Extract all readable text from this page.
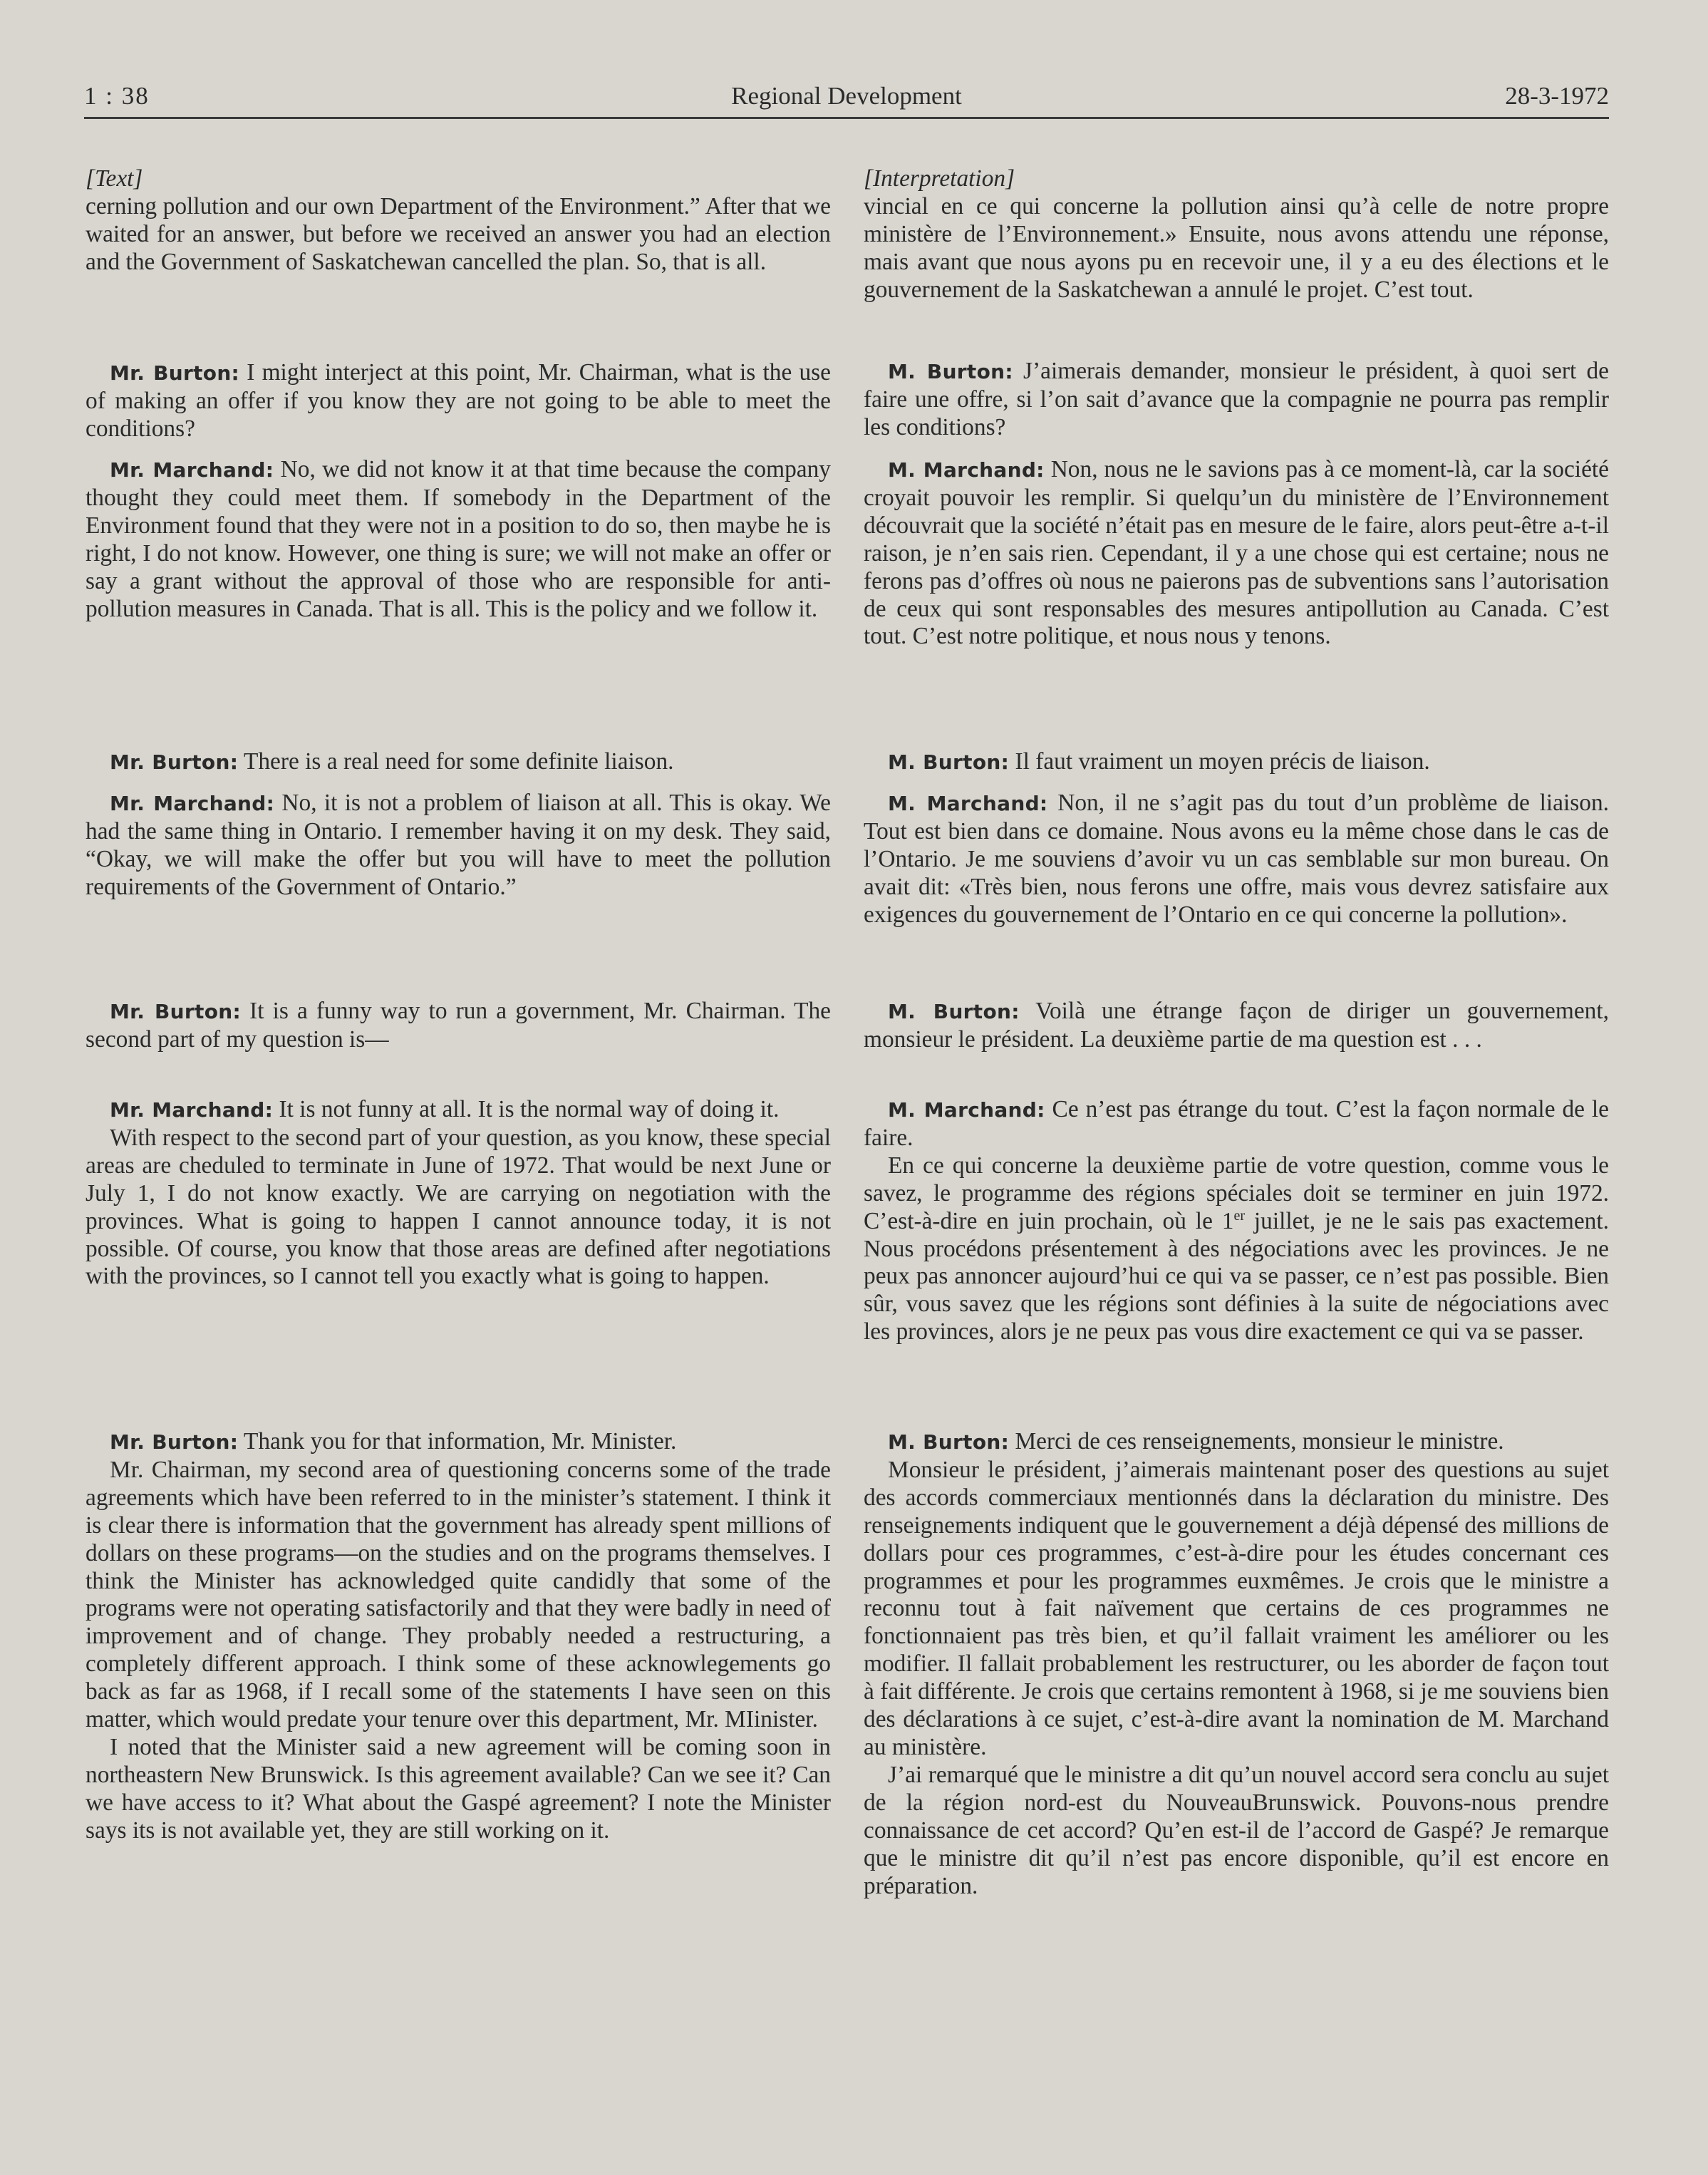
1 : 38	Regional Development	28-3-1972

[Text]

cerning pollution and our own Department of the Environment.” After that we waited for an answer, but before we received an answer you had an election and the Government of Saskatchewan cancelled the plan. So, that is all.

Mr. Burton: I might interject at this point, Mr. Chairman, what is the use of making an offer if you know they are not going to be able to meet the conditions?

Mr. Marchand: No, we did not know it at that time because the company thought they could meet them. If somebody in the Department of the Environment found that they were not in a position to do so, then maybe he is right, I do not know. However, one thing is sure; we will not make an offer or say a grant without the approval of those who are responsible for anti-pollution measures in Canada. That is all. This is the policy and we follow it.

Mr. Burton: There is a real need for some definite liaison.

Mr. Marchand: No, it is not a problem of liaison at all. This is okay. We had the same thing in Ontario. I remember having it on my desk. They said, “Okay, we will make the offer but you will have to meet the pollution requirements of the Government of Ontario.”

Mr. Burton: It is a funny way to run a government, Mr. Chairman. The second part of my question is—

Mr. Marchand: It is not funny at all. It is the normal way of doing it.

With respect to the second part of your question, as you know, these special areas are cheduled to terminate in June of 1972. That would be next June or July 1, I do not know exactly. We are carrying on negotiation with the provinces. What is going to happen I cannot announce today, it is not possible. Of course, you know that those areas are defined after negotiations with the provinces, so I cannot tell you exactly what is going to happen.

Mr. Burton: Thank you for that information, Mr. Minister.

Mr. Chairman, my second area of questioning concerns some of the trade agreements which have been referred to in the minister’s statement. I think it is clear there is information that the government has already spent millions of dollars on these programs—on the studies and on the programs themselves. I think the Minister has acknowledged quite candidly that some of the programs were not operating satisfactorily and that they were badly in need of improvement and of change. They probably needed a restructuring, a completely different approach. I think some of these acknowlegements go back as far as 1968, if I recall some of the statements I have seen on this matter, which would predate your tenure over this department, Mr. MIinister.

I noted that the Minister said a new agreement will be coming soon in northeastern New Brunswick. Is this agreement available? Can we see it? Can we have access to it? What about the Gaspé agreement? I note the Minister says its is not available yet, they are still working on it.

[Interpretation]

vincial en ce qui concerne la pollution ainsi qu’à celle de notre propre ministère de l’Environnement.» Ensuite, nous avons attendu une réponse, mais avant que nous ayons pu en recevoir une, il y a eu des élections et le gouvernement de la Saskatchewan a annulé le projet. C’est tout.

M. Burton: J’aimerais demander, monsieur le président, à quoi sert de faire une offre, si l’on sait d’avance que la compagnie ne pourra pas remplir les conditions?

M. Marchand: Non, nous ne le savions pas à ce moment-là, car la société croyait pouvoir les remplir. Si quelqu’un du ministère de l’Environnement découvrait que la société n’était pas en mesure de le faire, alors peut-être a-t-il raison, je n’en sais rien. Cependant, il y a une chose qui est certaine; nous ne ferons pas d’offres où nous ne paierons pas de subventions sans l’autorisation de ceux qui sont responsables des mesures antipollution au Canada. C’est tout. C’est notre politique, et nous nous y tenons.

M. Burton: Il faut vraiment un moyen précis de liaison.

M. Marchand: Non, il ne s’agit pas du tout d’un problème de liaison. Tout est bien dans ce domaine. Nous avons eu la même chose dans le cas de l’Ontario. Je me souviens d’avoir vu un cas semblable sur mon bureau. On avait dit: «Très bien, nous ferons une offre, mais vous devrez satisfaire aux exigences du gouvernement de l’Ontario en ce qui concerne la pollution».

M. Burton: Voilà une étrange façon de diriger un gouvernement, monsieur le président. La deuxième partie de ma question est . . .

M. Marchand: Ce n’est pas étrange du tout. C’est la façon normale de le faire.

En ce qui concerne la deuxième partie de votre question, comme vous le savez, le programme des régions spéciales doit se terminer en juin 1972. C’est-à-dire en juin prochain, où le 1er juillet, je ne le sais pas exactement. Nous procédons présentement à des négociations avec les provinces. Je ne peux pas annoncer aujourd’hui ce qui va se passer, ce n’est pas possible. Bien sûr, vous savez que les régions sont définies à la suite de négociations avec les provinces, alors je ne peux pas vous dire exactement ce qui va se passer.

M. Burton: Merci de ces renseignements, monsieur le ministre.

Monsieur le président, j’aimerais maintenant poser des questions au sujet des accords commerciaux mentionnés dans la déclaration du ministre. Des renseignements indiquent que le gouvernement a déjà dépensé des millions de dollars pour ces programmes, c’est-à-dire pour les études concernant ces programmes et pour les programmes euxmêmes. Je crois que le ministre a reconnu tout à fait naïvement que certains de ces programmes ne fonctionnaient pas très bien, et qu’il fallait vraiment les améliorer ou les modifier. Il fallait probablement les restructurer, ou les aborder de façon tout à fait différente. Je crois que certains remontent à 1968, si je me souviens bien des déclarations à ce sujet, c’est-à-dire avant la nomination de M. Marchand au ministère.

J’ai remarqué que le ministre a dit qu’un nouvel accord sera conclu au sujet de la région nord-est du NouveauBrunswick. Pouvons-nous prendre connaissance de cet accord? Qu’en est-il de l’accord de Gaspé? Je remarque que le ministre dit qu’il n’est pas encore disponible, qu’il est encore en préparation.
